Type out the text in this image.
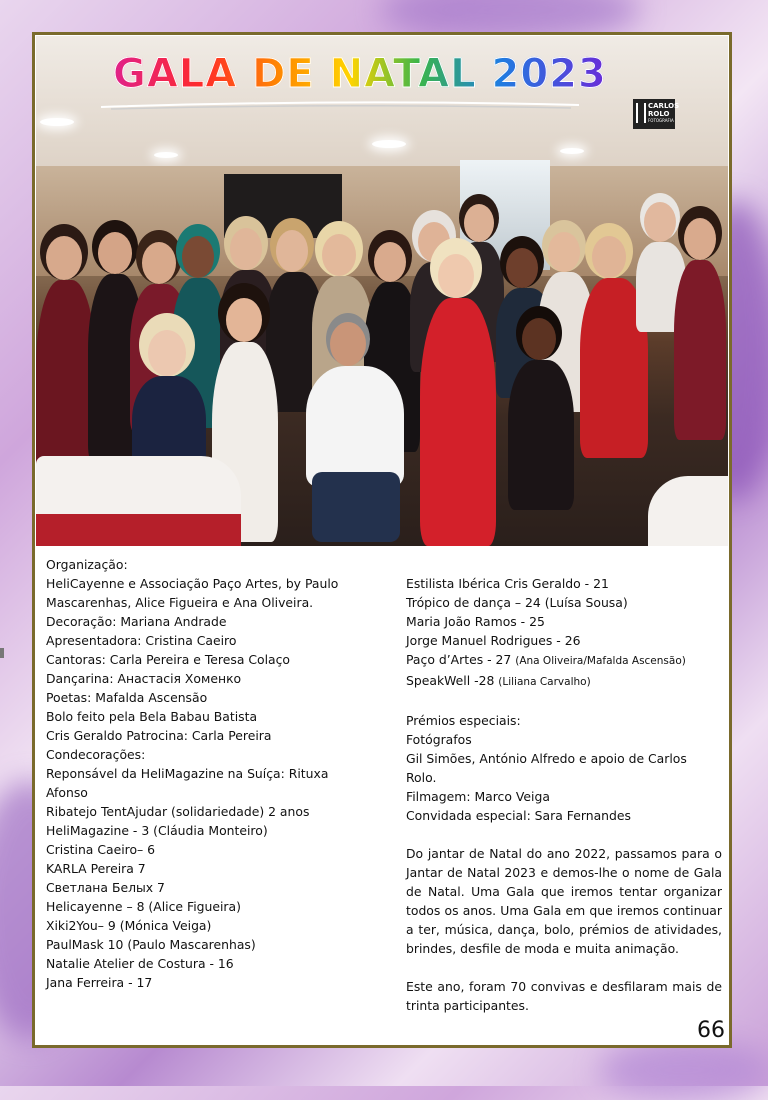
GALA DE NATAL 2023
CARLOS
ROLO
FOTOGRAFIA
Organização:
HeliCayenne e Associação Paço Artes, by Paulo
Mascarenhas, Alice Figueira e Ana Oliveira.
Decoração: Mariana Andrade
Apresentadora: Cristina Caeiro
Cantoras: Carla Pereira e Teresa Colaço
Dançarina: Анастасія Хоменко
Poetas: Mafalda Ascensão
Bolo feito pela Bela Babau Batista
Cris Geraldo Patrocina: Carla Pereira
Condecorações:
Reponsável da HeliMagazine na Suíça: Rituxa
Afonso
Ribatejo TentAjudar (solidariedade) 2 anos
HeliMagazine - 3 (Cláudia Monteiro)
Cristina Caeiro– 6
KARLA Pereira 7
Светлана Белых 7
Helicayenne – 8 (Alice Figueira)
Xiki2You– 9 (Mónica Veiga)
PaulMask 10 (Paulo Mascarenhas)
Natalie Atelier de Costura - 16
Jana Ferreira - 17
Estilista Ibérica Cris Geraldo - 21
Trópico de dança – 24 (Luísa Sousa)
Maria João Ramos - 25
Jorge Manuel Rodrigues - 26
Paço d’Artes - 27 (Ana Oliveira/Mafalda Ascensão)
SpeakWell -28 (Liliana Carvalho)
Prémios especiais:
Fotógrafos
Gil Simões, António Alfredo e apoio de Carlos
Rolo.
Filmagem: Marco Veiga
Convidada especial: Sara Fernandes
Do jantar de Natal do ano 2022, passamos para o Jantar de Natal 2023 e demos-lhe o nome de Gala de Natal. Uma Gala que iremos tentar organizar todos os anos. Uma Gala em que iremos continuar a ter, música, dança, bolo, prémios de atividades, brindes, desfile de moda e muita animação.
Este ano, foram 70 convivas e desfilaram mais de trinta participantes.
66
